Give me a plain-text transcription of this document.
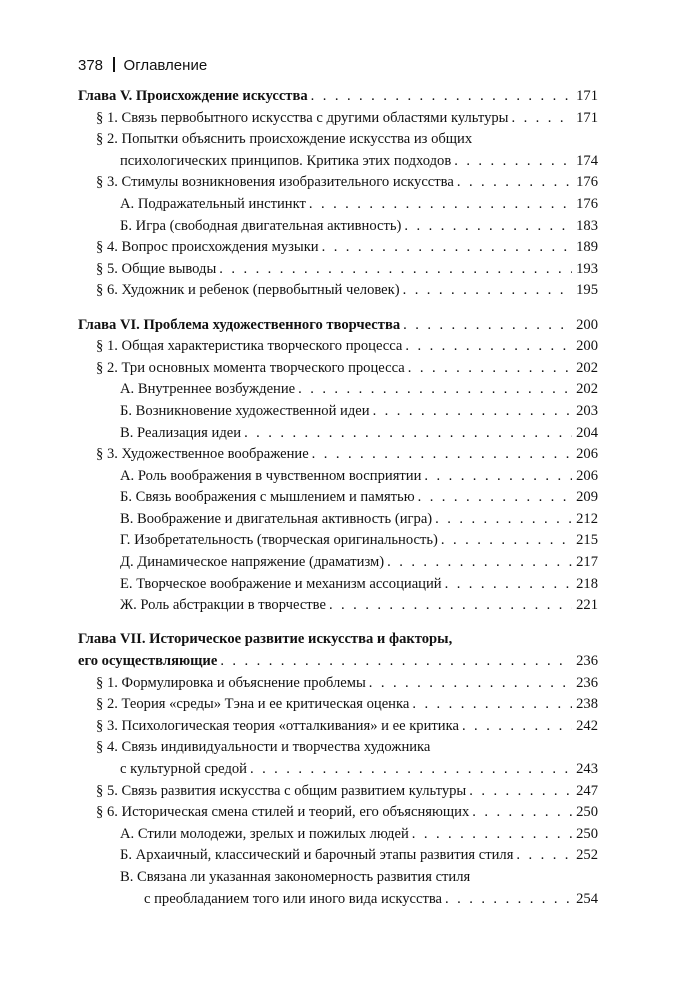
378 Оглавление
Глава V. Происхождение искусства . . .	171
§ 1. Связь первобытного искусства с другими областями культуры . . .	171
§ 2. Попытки объяснить происхождение искусства из общих
психологических принципов. Критика этих подходов . . .	174
§ 3. Стимулы возникновения изобразительного искусства . . .	176
А. Подражательный инстинкт . . .	176
Б. Игра (свободная двигательная активность) . . .	183
§ 4. Вопрос происхождения музыки . . .	189
§ 5. Общие выводы . . .	193
§ 6. Художник и ребенок (первобытный человек) . . .	195
Глава VI. Проблема художественного творчества . . .	200
§ 1. Общая характеристика творческого процесса . . .	200
§ 2. Три основных момента творческого процесса . . .	202
А. Внутреннее возбуждение . . .	202
Б. Возникновение художественной идеи . . .	203
В. Реализация идеи . . .	204
§ 3. Художественное воображение . . .	206
А. Роль воображения в чувственном восприятии . . .	206
Б. Связь воображения с мышлением и памятью . . .	209
В. Воображение и двигательная активность (игра) . . .	212
Г. Изобретательность (творческая оригинальность) . . .	215
Д. Динамическое напряжение (драматизм) . . .	217
Е. Творческое воображение и механизм ассоциаций . . .	218
Ж. Роль абстракции в творчестве . . .	221
Глава VII. Историческое развитие искусства и факторы,
его осуществляющие . . .	236
§ 1. Формулировка и объяснение проблемы . . .	236
§ 2. Теория «среды» Тэна и ее критическая оценка . . .	238
§ 3. Психологическая теория «отталкивания» и ее критика . . .	242
§ 4. Связь индивидуальности и творчества художника
с культурной средой . . .	243
§ 5. Связь развития искусства с общим развитием культуры . . .	247
§ 6. Историческая смена стилей и теорий, его объясняющих . . .	250
А. Стили молодежи, зрелых и пожилых людей . . .	250
Б. Архаичный, классический и барочный этапы развития стиля . . .	252
В. Связана ли указанная закономерность развития стиля
с преобладанием того или иного вида искусства . . .	254
